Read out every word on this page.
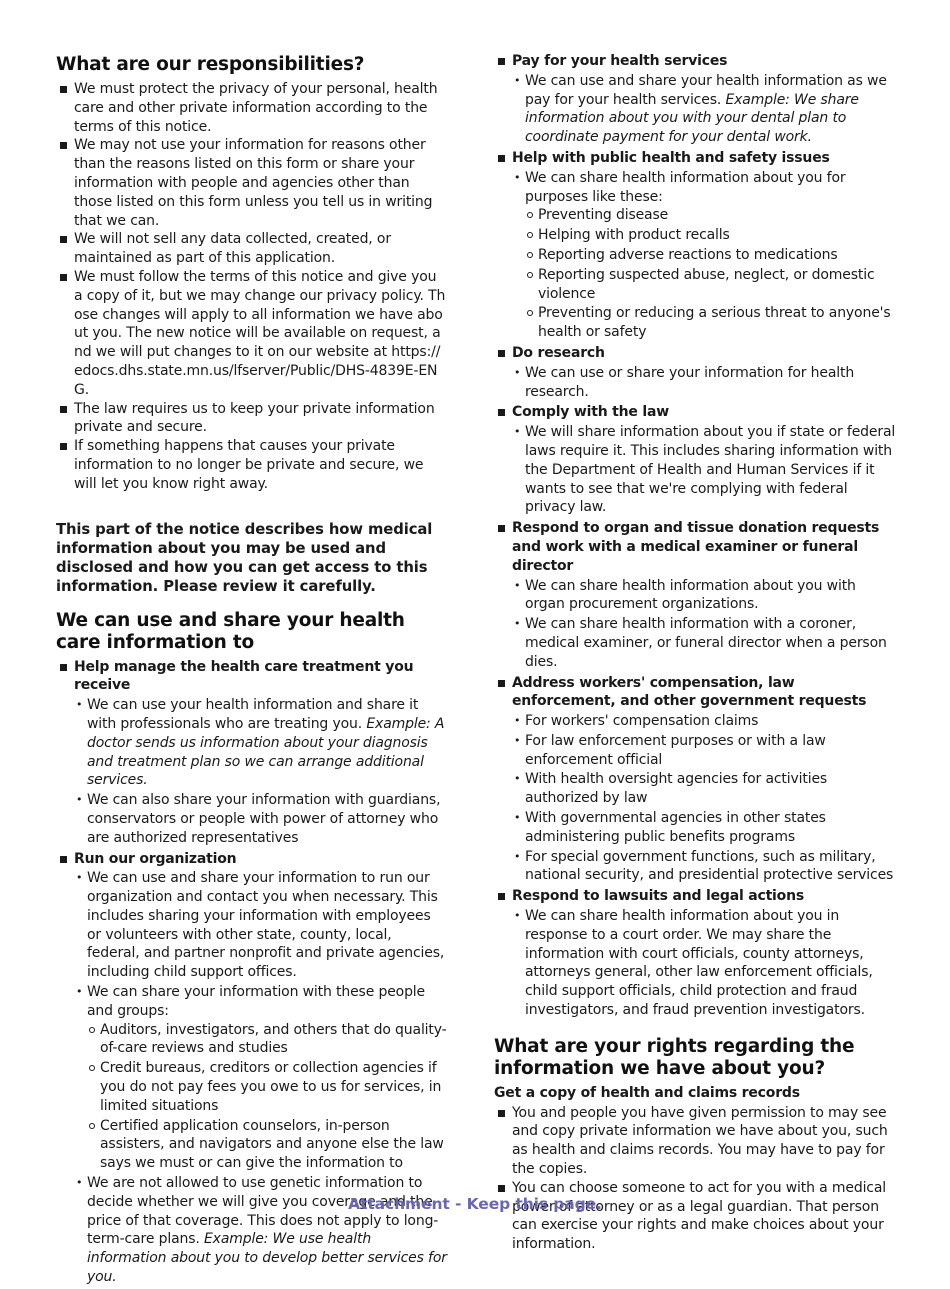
What are our responsibilities?
We must protect the privacy of your personal, health care and other private information according to the terms of this notice.
We may not use your information for reasons other than the reasons listed on this form or share your information with people and agencies other than those listed on this form unless you tell us in writing that we can.
We will not sell any data collected, created, or maintained as part of this application.
We must follow the terms of this notice and give you a copy of it, but we may change our privacy policy. Those changes will apply to all information we have about you. The new notice will be available on request, and we will put changes to it on our website at https://edocs.dhs.state.mn.us/lfserver/Public/DHS-4839E-ENG.
The law requires us to keep your private information private and secure.
If something happens that causes your private information to no longer be private and secure, we will let you know right away.

This part of the notice describes how medical information about you may be used and disclosed and how you can get access to this information. Please review it carefully.

We can use and share your health care information to
Help manage the health care treatment you receive
• We can use your health information and share it with professionals who are treating you. Example: A doctor sends us information about your diagnosis and treatment plan so we can arrange additional services.
• We can also share your information with guardians, conservators or people with power of attorney who are authorized representatives
Run our organization
• We can use and share your information to run our organization and contact you when necessary. This includes sharing your information with employees or volunteers with other state, county, local, federal, and partner nonprofit and private agencies, including child support offices.
• We can share your information with these people and groups:
Auditors, investigators, and others that do quality-of-care reviews and studies
Credit bureaus, creditors or collection agencies if you do not pay fees you owe to us for services, in limited situations
Certified application counselors, in-person assisters, and navigators and anyone else the law says we must or can give the information to
• We are not allowed to use genetic information to decide whether we will give you coverage and the price of that coverage. This does not apply to long-term-care plans. Example: We use health information about you to develop better services for you.
Pay for your health services
• We can use and share your health information as we pay for your health services. Example: We share information about you with your dental plan to coordinate payment for your dental work.
Help with public health and safety issues
• We can share health information about you for purposes like these:
Preventing disease
Helping with product recalls
Reporting adverse reactions to medications
Reporting suspected abuse, neglect, or domestic violence
Preventing or reducing a serious threat to anyone's health or safety
Do research
• We can use or share your information for health research.
Comply with the law
• We will share information about you if state or federal laws require it. This includes sharing information with the Department of Health and Human Services if it wants to see that we're complying with federal privacy law.
Respond to organ and tissue donation requests and work with a medical examiner or funeral director
• We can share health information about you with organ procurement organizations.
• We can share health information with a coroner, medical examiner, or funeral director when a person dies.
Address workers' compensation, law enforcement, and other government requests
• For workers' compensation claims
• For law enforcement purposes or with a law enforcement official
• With health oversight agencies for activities authorized by law
• With governmental agencies in other states administering public benefits programs
• For special government functions, such as military, national security, and presidential protective services
Respond to lawsuits and legal actions
• We can share health information about you in response to a court order. We may share the information with court officials, county attorneys, attorneys general, other law enforcement officials, child support officials, child protection and fraud investigators, and fraud prevention investigators.
What are your rights regarding the information we have about you?
Get a copy of health and claims records
You and people you have given permission to may see and copy private information we have about you, such as health and claims records. You may have to pay for the copies.
You can choose someone to act for you with a medical power of attorney or as a legal guardian. That person can exercise your rights and make choices about your information.
Attachment - Keep this page.
